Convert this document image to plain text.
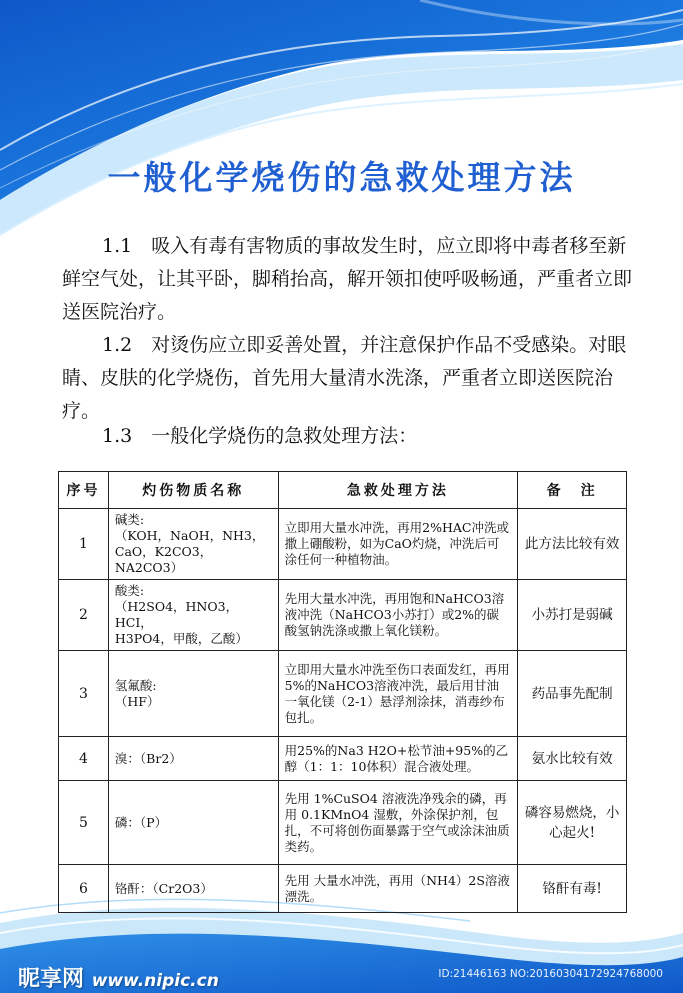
一般化学烧伤的急救处理方法

1.1　吸入有毒有害物质的事故发生时，应立即将中毒者移至新鲜空气处，让其平卧，脚稍抬高，解开领扣使呼吸畅通，严重者立即送医院治疗。

1.2　对烫伤应立即妥善处置，并注意保护作品不受感染。对眼睛、皮肤的化学烧伤，首先用大量清水洗涤，严重者立即送医院治疗。

1.3　一般化学烧伤的急救处理方法：

序号	灼伤物质名称	急救处理方法	备　注
1	碱类:
（KOH，NaOH，NH3，
CaO，K2CO3，NA2CO3）	立即用大量水冲洗，再用2%HAC冲洗或撒上硼酸粉，如为CaO灼烧，冲洗后可涂任何一种植物油。	此方法比较有效
2	酸类:
（H2SO4，HNO3，HCI，
H3PO4，甲酸，乙酸）	先用大量水冲洗，再用饱和NaHCO3溶液冲洗（NaHCO3小苏打）或2%的碳酸氢钠洗涤或撒上氧化镁粉。	小苏打是弱碱
3	氢氟酸:
（HF）	立即用大量水冲洗至伤口表面发红，再用5%的NaHCO3溶液冲洗，最后用甘油一氧化镁（2-1）悬浮剂涂抹，消毒纱布包扎。	药品事先配制
4	溴：（Br2）	用25%的Na3 H2O+松节油+95%的乙醇（1：1：10体积）混合液处理。	氨水比较有效
5	磷：（P）	先用 1%CuSO4 溶液洗净残余的磷，再用 0.1KMnO4 湿敷，外涂保护剂，包扎，不可将创伤面暴露于空气或涂沫油质类药。	磷容易燃烧，小心起火!
6	铬酐：（Cr2O3）	先用 大量水冲洗，再用（NH4）2S溶液漂洗。	铬酐有毒!
昵享网 www.nipic.cn	ID:21446163 NO:20160304172924768000
